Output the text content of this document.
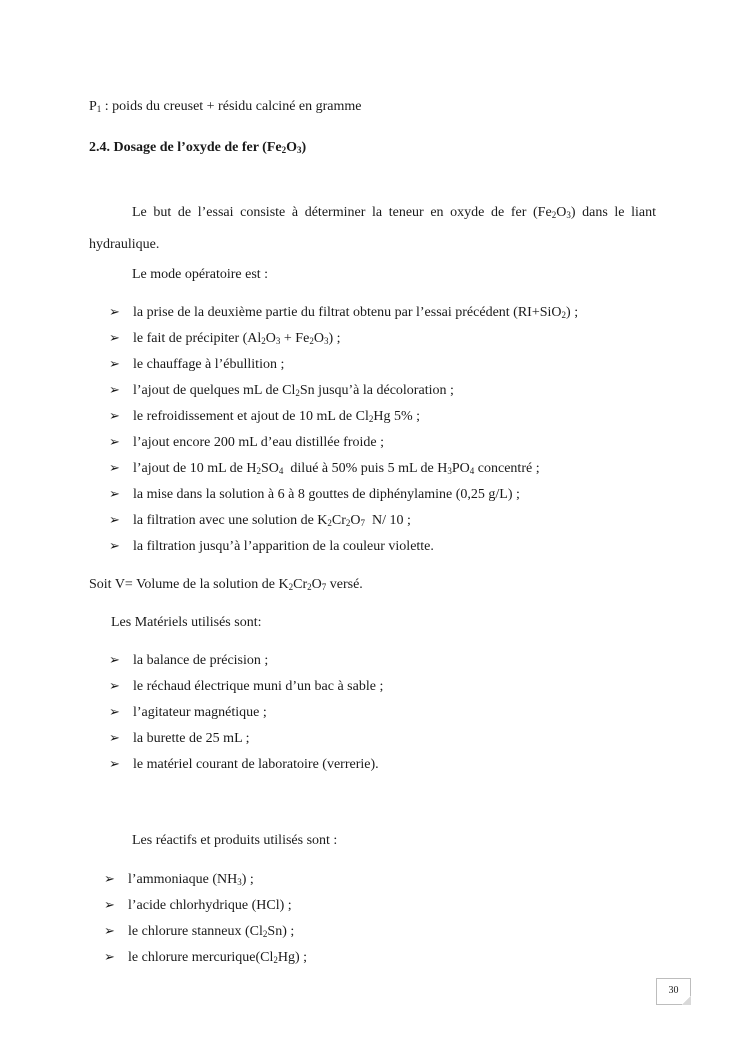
$P_1$ : poids du creuset + résidu calciné en gramme
2.4. Dosage de l’oxyde de fer $(Fe_2O_3)$
Le but de l’essai consiste à déterminer la teneur en oxyde de fer $(Fe_2O_3)$ dans le liant hydraulique.
Le mode opératoire est :
➢ la prise de la deuxième partie du filtrat obtenu par l’essai précédent (RI+SiO$_2$) ;
➢ le fait de précipiter $(Al_2O_3 + Fe_2O_3)$ ;
➢ le chauffage à l’ébullition ;
➢ l’ajout de quelques mL de $Cl_2Sn$ jusqu’à la décoloration ;
➢ le refroidissement et ajout de 10 mL de $Cl_2Hg$ 5% ;
➢ l’ajout encore 200 mL d’eau distillée froide ;
➢ l’ajout de 10 mL de $H_2SO_4$  dilué à 50% puis 5 mL de $H_3PO_4$ concentré ;
➢ la mise dans la solution à 6 à 8 gouttes de diphénylamine (0,25 g/L) ;
➢ la filtration avec une solution de $K_2Cr_2O_7$  N/ 10 ;
➢ la filtration jusqu’à l’apparition de la couleur violette.
Soit V= Volume de la solution de $K_2Cr_2O_7$ versé.
Les Matériels utilisés sont:
➢ la balance de précision ;
➢ le réchaud électrique muni d’un bac à sable ;
➢ l’agitateur magnétique ;
➢ la burette de 25 mL ;
➢ le matériel courant de laboratoire (verrerie).
Les réactifs et produits utilisés sont :
➢ l’ammoniaque $(NH_3)$ ;
➢ l’acide chlorhydrique (HCl) ;
➢ le chlorure stanneux $(Cl_2Sn)$ ;
➢ le chlorure $mercurique(Cl_2Hg)$ ;
30
